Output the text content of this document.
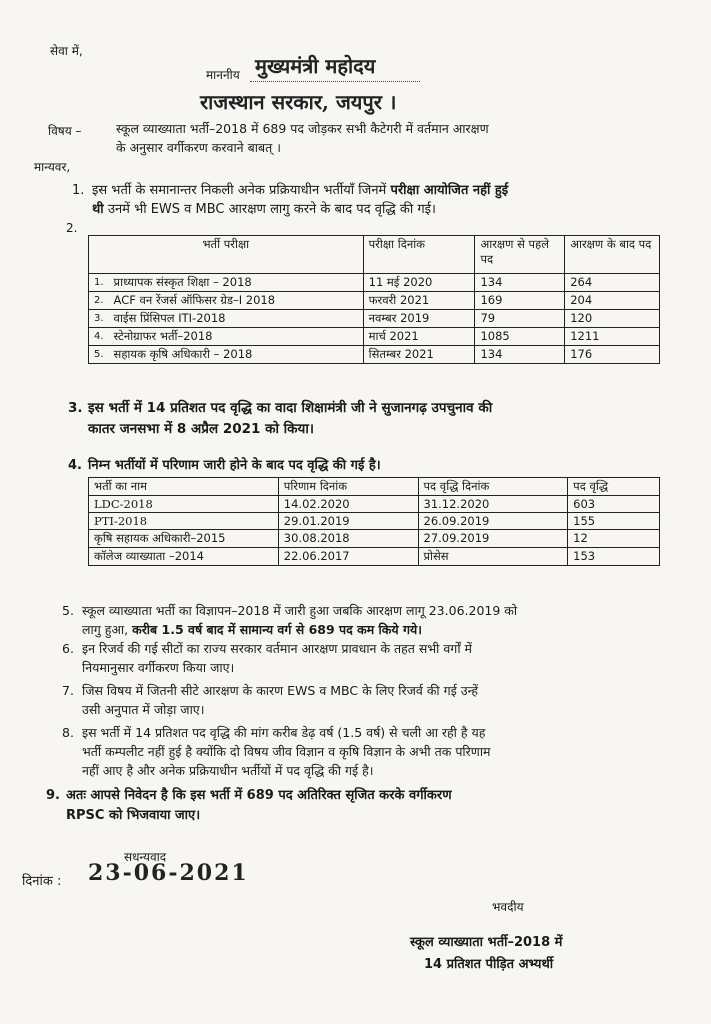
सेवा में,
माननीय मुख्यमंत्री महोदय
राजस्थान सरकार, जयपुर ।
विषय –	स्कूल व्याख्याता भर्ती–2018 में 689 पद जोड़कर सभी कैटेगरी में वर्तमान आरक्षण
के अनुसार वर्गीकरण करवाने बाबत् ।
मान्यवर,
1. इस भर्ती के समानान्तर निकली अनेक प्रक्रियाधीन भर्तीयाँ जिनमें परीक्षा आयोजित नहीं हुई
थी उनमें भी EWS व MBC आरक्षण लागु करने के बाद पद वृद्धि की गई।
2.
भर्ती परीक्षा		परीक्षा दिनांक	आरक्षण से पहले पद	आरक्षण के बाद पद
1.	प्राध्यापक संस्कृत शिक्षा – 2018	11 मई 2020	134	264
2.	ACF वन रेंजर्स ऑफिसर ग्रेड–I 2018	फरवरी 2021	169	204
3.	वाईस प्रिंसिपल ITI-2018	नवम्बर 2019	79	120
4.	स्टेनोग्राफर भर्ती–2018	मार्च 2021	1085	1211
5.	सहायक कृषि अधिकारी – 2018	सितम्बर 2021	134	176
3. इस भर्ती में 14 प्रतिशत पद वृद्धि का वादा शिक्षामंत्री जी ने सुजानगढ़ उपचुनाव की
कातर जनसभा में 8 अप्रैल 2021 को किया।
4. निम्न भर्तीयों में परिणाम जारी होने के बाद पद वृद्धि की गई है।
भर्ती का नाम	परिणाम दिनांक	पद वृद्धि दिनांक	पद वृद्धि
LDC-2018	14.02.2020	31.12.2020	603
PTI-2018	29.01.2019	26.09.2019	155
कृषि सहायक अधिकारी–2015	30.08.2018	27.09.2019	12
कॉलेज व्याख्याता –2014	22.06.2017	प्रोसेस	153
5. स्कूल व्याख्याता भर्ती का विज्ञापन–2018 में जारी हुआ जबकि आरक्षण लागू 23.06.2019 को
लागु हुआ, करीब 1.5 वर्ष बाद में सामान्य वर्ग से 689 पद कम किये गये।
6. इन रिजर्व की गई सीटों का राज्य सरकार वर्तमान आरक्षण प्रावधान के तहत सभी वर्गों में
नियमानुसार वर्गीकरण किया जाए।
7. जिस विषय में जितनी सीटे आरक्षण के कारण EWS व MBC के लिए रिजर्व की गई उन्हें
उसी अनुपात में जोड़ा जाए।
8. इस भर्ती में 14 प्रतिशत पद वृद्धि की मांग करीब डेढ़ वर्ष (1.5 वर्ष) से चली आ रही है यह
भर्ती कम्पलीट नहीं हुई है क्योंकि दो विषय जीव विज्ञान व कृषि विज्ञान के अभी तक परिणाम
नहीं आए है और अनेक प्रक्रियाधीन भर्तीयों में पद वृद्धि की गई है।
9. अतः आपसे निवेदन है कि इस भर्ती में 689 पद अतिरिक्त सृजित करके वर्गीकरण
RPSC को भिजवाया जाए।
सधन्यवाद
दिनांक : 23-06-2021
भवदीय
स्कूल व्याख्याता भर्ती–2018 में
14 प्रतिशत पीड़ित अभ्यर्थी
